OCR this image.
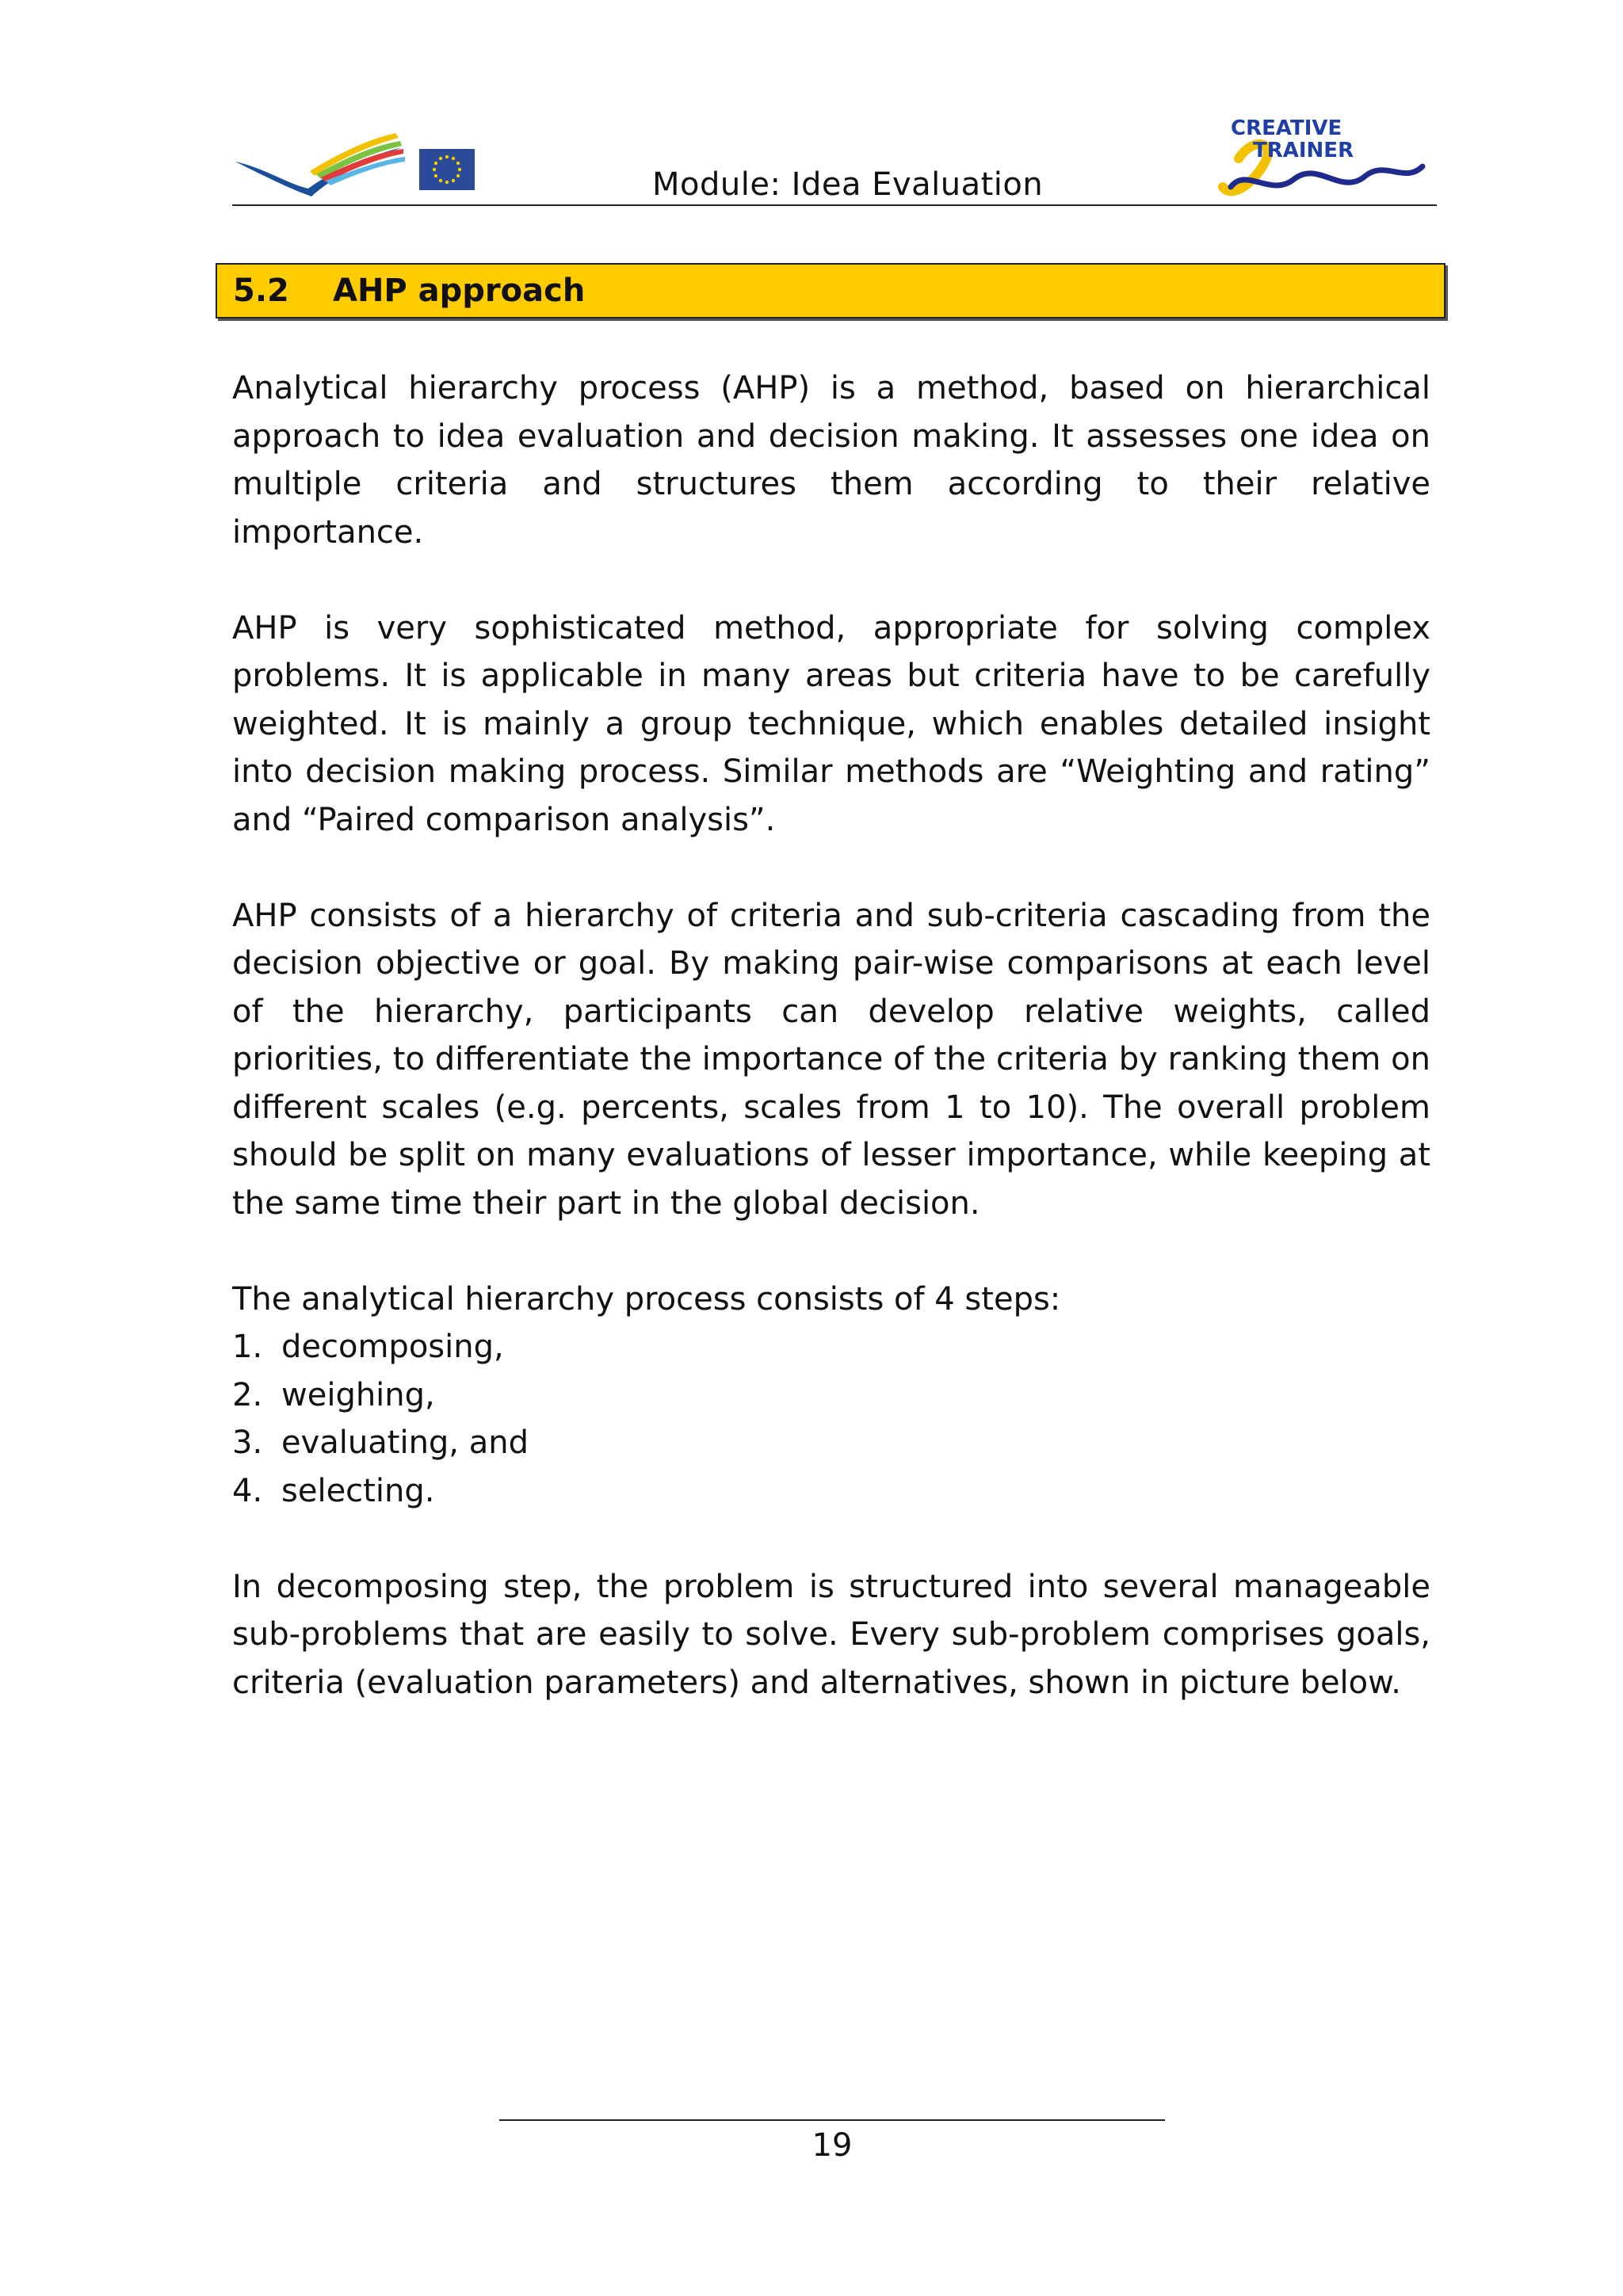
Module: Idea Evaluation
CREATIVE
TRAINER
5.2	AHP approach

Analytical hierarchy process (AHP) is a method, based on hierarchical approach to idea evaluation and decision making. It assesses one idea on multiple criteria and structures them according to their relative importance.

AHP is very sophisticated method, appropriate for solving complex problems. It is applicable in many areas but criteria have to be carefully weighted. It is mainly a group technique, which enables detailed insight into decision making process. Similar methods are “Weighting and rating” and “Paired comparison analysis”.

AHP consists of a hierarchy of criteria and sub-criteria cascading from the decision objective or goal. By making pair-wise comparisons at each level of the hierarchy, participants can develop relative weights, called priorities, to differentiate the importance of the criteria by ranking them on different scales (e.g. percents, scales from 1 to 10). The overall problem should be split on many evaluations of lesser importance, while keeping at the same time their part in the global decision.

The analytical hierarchy process consists of 4 steps:
1. decomposing,
2. weighing,
3. evaluating, and
4. selecting.

In decomposing step, the problem is structured into several manageable sub-problems that are easily to solve. Every sub-problem comprises goals, criteria (evaluation parameters) and alternatives, shown in picture below.

19
